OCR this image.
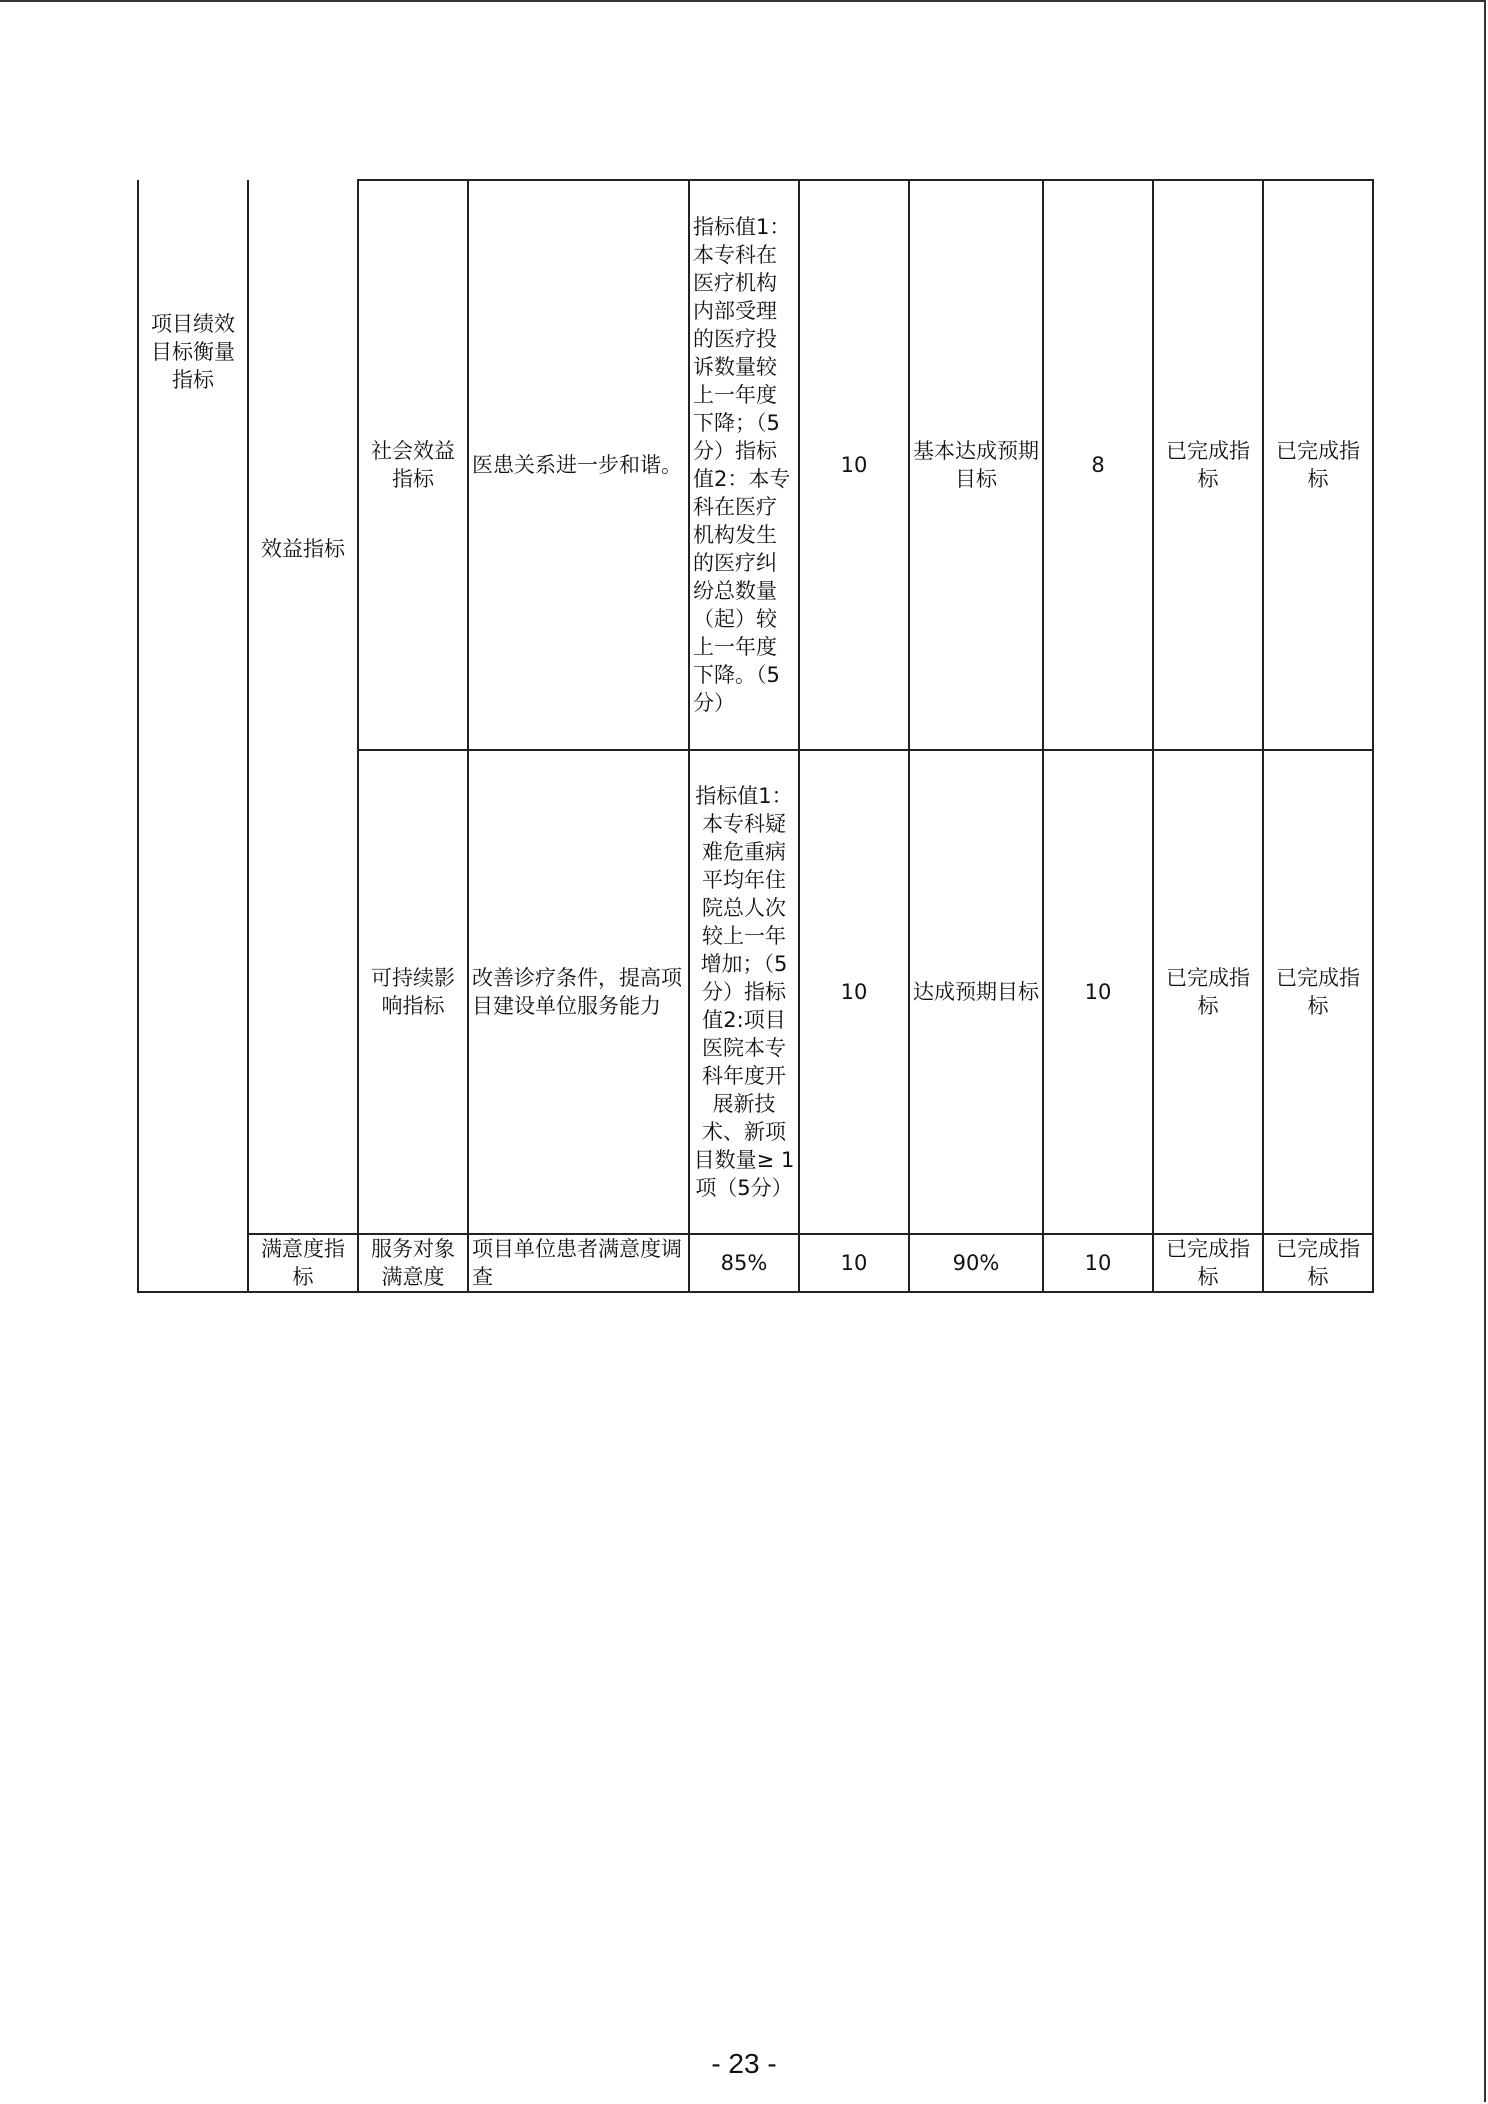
项目绩效目标衡量指标	效益指标	社会效益指标	医患关系进一步和谐。	指标值1：本专科在医疗机构内部受理的医疗投诉数量较上一年度下降；（5分）指标值2：本专科在医疗机构发生的医疗纠纷总数量（起）较上一年度下降。（5分）	10	基本达成预期　目标	8	已完成指标	已完成指标
		可持续影响指标	改善诊疗条件，提高项目建设单位服务能力	指标值1：本专科疑难危重病平均年住院总人次较上一年增加；（5分）指标值2:项目医院本专科年度开展新技术、新项目数量≥ 1项（5分）	10	达成预期目标	10	已完成指标	已完成指标
	满意度指标	服务对象满意度	项目单位患者满意度调查	85%	10	90%	10	已完成指标	已完成指标
- 23 -
